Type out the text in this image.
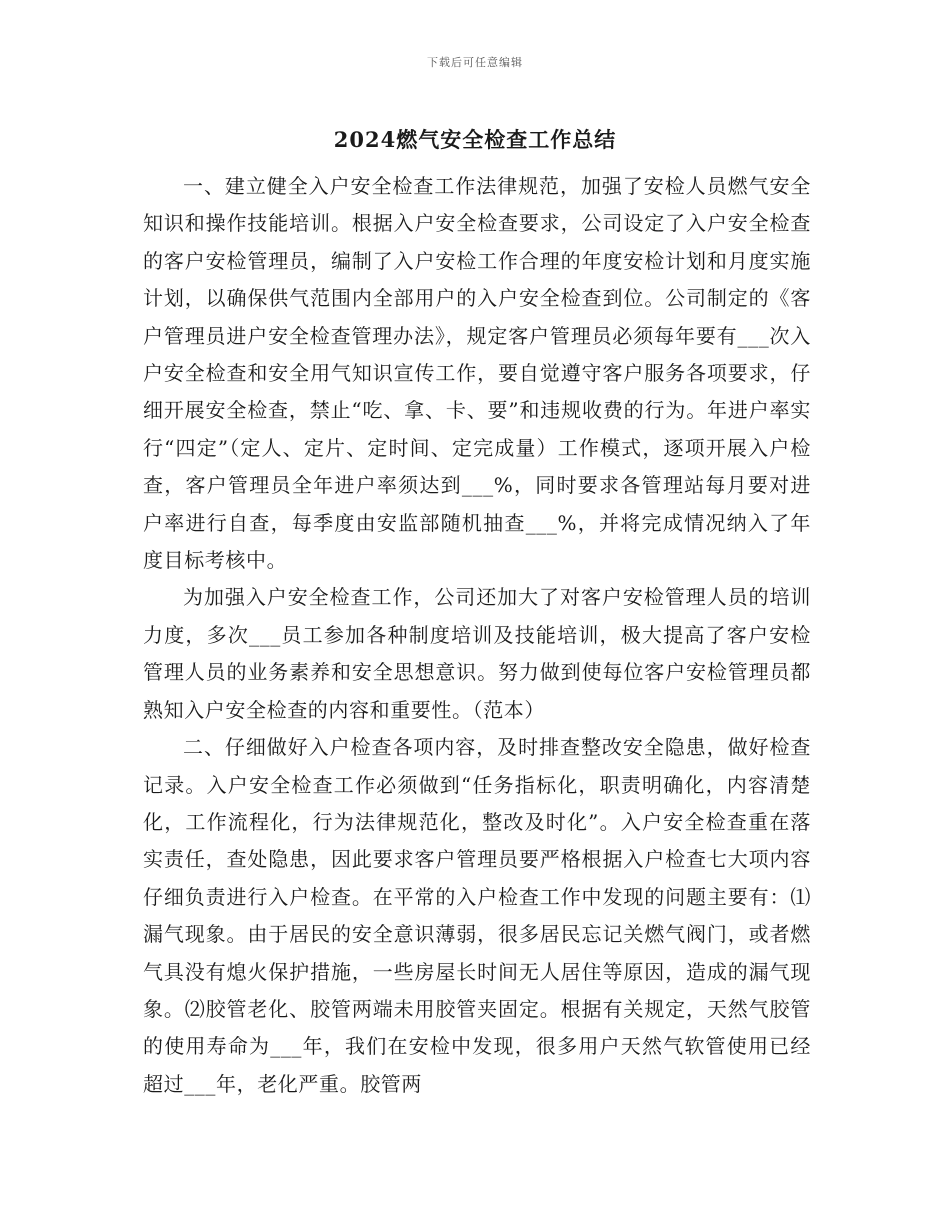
下载后可任意编辑
2024燃气安全检查工作总结

一、建立健全入户安全检查工作法律规范，加强了安检人员燃气安全知识和操作技能培训。根据入户安全检查要求，公司设定了入户安全检查的客户安检管理员，编制了入户安检工作合理的年度安检计划和月度实施计划，以确保供气范围内全部用户的入户安全检查到位。公司制定的《客户管理员进户安全检查管理办法》，规定客户管理员必须每年要有___次入户安全检查和安全用气知识宣传工作，要自觉遵守客户服务各项要求，仔细开展安全检查，禁止“吃、拿、卡、要”和违规收费的行为。年进户率实行“四定”（定人、定片、定时间、定完成量）工作模式，逐项开展入户检查，客户管理员全年进户率须达到___%，同时要求各管理站每月要对进户率进行自查，每季度由安监部随机抽查___%，并将完成情况纳入了年度目标考核中。

为加强入户安全检查工作，公司还加大了对客户安检管理人员的培训力度，多次___员工参加各种制度培训及技能培训，极大提高了客户安检管理人员的业务素养和安全思想意识。努力做到使每位客户安检管理员都熟知入户安全检查的内容和重要性。（范本）

二、仔细做好入户检查各项内容，及时排查整改安全隐患，做好检查记录。入户安全检查工作必须做到“任务指标化，职责明确化，内容清楚化，工作流程化，行为法律规范化，整改及时化”。入户安全检查重在落实责任，查处隐患，因此要求客户管理员要严格根据入户检查七大项内容仔细负责进行入户检查。在平常的入户检查工作中发现的问题主要有：⑴漏气现象。由于居民的安全意识薄弱，很多居民忘记关燃气阀门，或者燃气具没有熄火保护措施，一些房屋长时间无人居住等原因，造成的漏气现象。⑵胶管老化、胶管两端未用胶管夹固定。根据有关规定，天然气胶管的使用寿命为___年，我们在安检中发现，很多用户天然气软管使用已经超过___年，老化严重。胶管两
